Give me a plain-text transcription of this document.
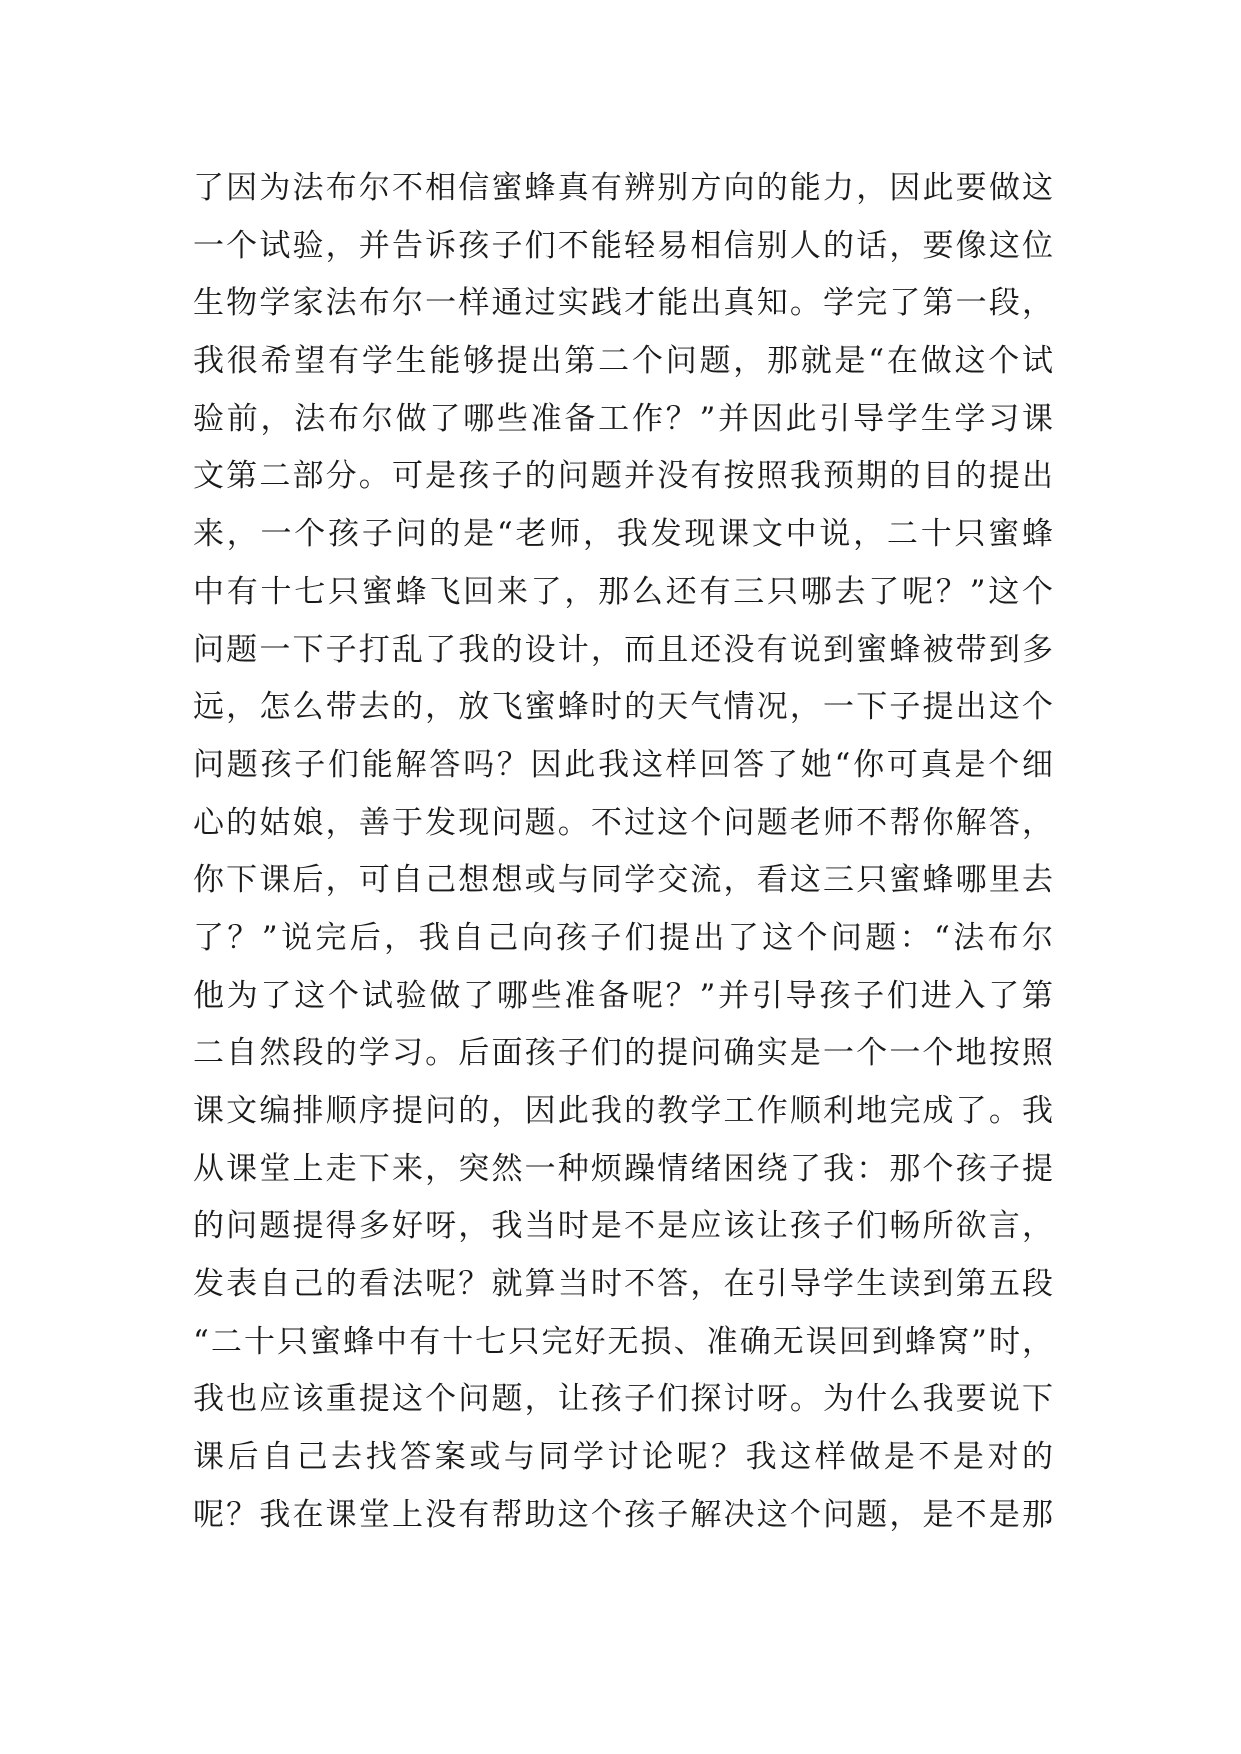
了因为法布尔不相信蜜蜂真有辨别方向的能力，因此要做这
一个试验，并告诉孩子们不能轻易相信别人的话，要像这位
生物学家法布尔一样通过实践才能出真知。学完了第一段，
我很希望有学生能够提出第二个问题，那就是“在做这个试
验前，法布尔做了哪些准备工作？”并因此引导学生学习课
文第二部分。可是孩子的问题并没有按照我预期的目的提出
来，一个孩子问的是“老师，我发现课文中说，二十只蜜蜂
中有十七只蜜蜂飞回来了，那么还有三只哪去了呢？”这个
问题一下子打乱了我的设计，而且还没有说到蜜蜂被带到多
远，怎么带去的，放飞蜜蜂时的天气情况，一下子提出这个
问题孩子们能解答吗？因此我这样回答了她“你可真是个细
心的姑娘，善于发现问题。不过这个问题老师不帮你解答，
你下课后，可自己想想或与同学交流，看这三只蜜蜂哪里去
了？”说完后，我自己向孩子们提出了这个问题：“法布尔
他为了这个试验做了哪些准备呢？”并引导孩子们进入了第
二自然段的学习。后面孩子们的提问确实是一个一个地按照
课文编排顺序提问的，因此我的教学工作顺利地完成了。我
从课堂上走下来，突然一种烦躁情绪困绕了我：那个孩子提
的问题提得多好呀，我当时是不是应该让孩子们畅所欲言，
发表自己的看法呢？就算当时不答，在引导学生读到第五段
“二十只蜜蜂中有十七只完好无损、准确无误回到蜂窝”时，
我也应该重提这个问题，让孩子们探讨呀。为什么我要说下
课后自己去找答案或与同学讨论呢？我这样做是不是对的
呢？我在课堂上没有帮助这个孩子解决这个问题，是不是那
